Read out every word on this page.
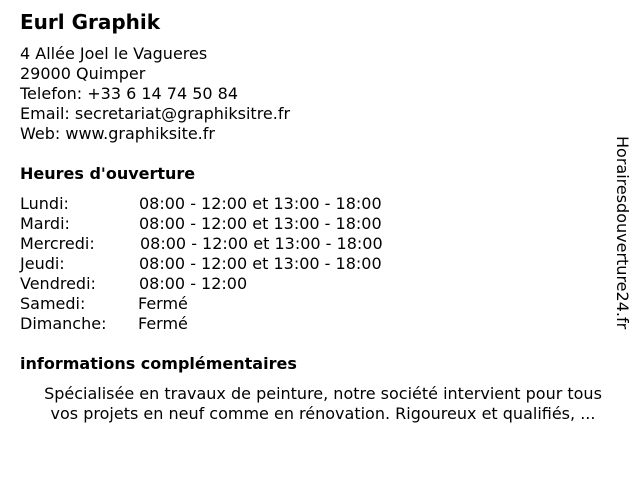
Eurl Graphik
4 Allée Joel le Vagueres
29000 Quimper
Telefon: +33 6 14 74 50 84
Email: secretariat@graphiksitre.fr
Web: www.graphiksite.fr
Heures d'ouverture
Lundi:	08:00 - 12:00 et 13:00 - 18:00
Mardi:	08:00 - 12:00 et 13:00 - 18:00
Mercredi:	08:00 - 12:00 et 13:00 - 18:00
Jeudi:	08:00 - 12:00 et 13:00 - 18:00
Vendredi:	08:00 - 12:00
Samedi:	Fermé
Dimanche: Fermé
informations complémentaires
Spécialisée en travaux de peinture, notre société intervient pour tous
vos projets en neuf comme en rénovation. Rigoureux et qualifiés, ...
Horairesdouverture24.fr
